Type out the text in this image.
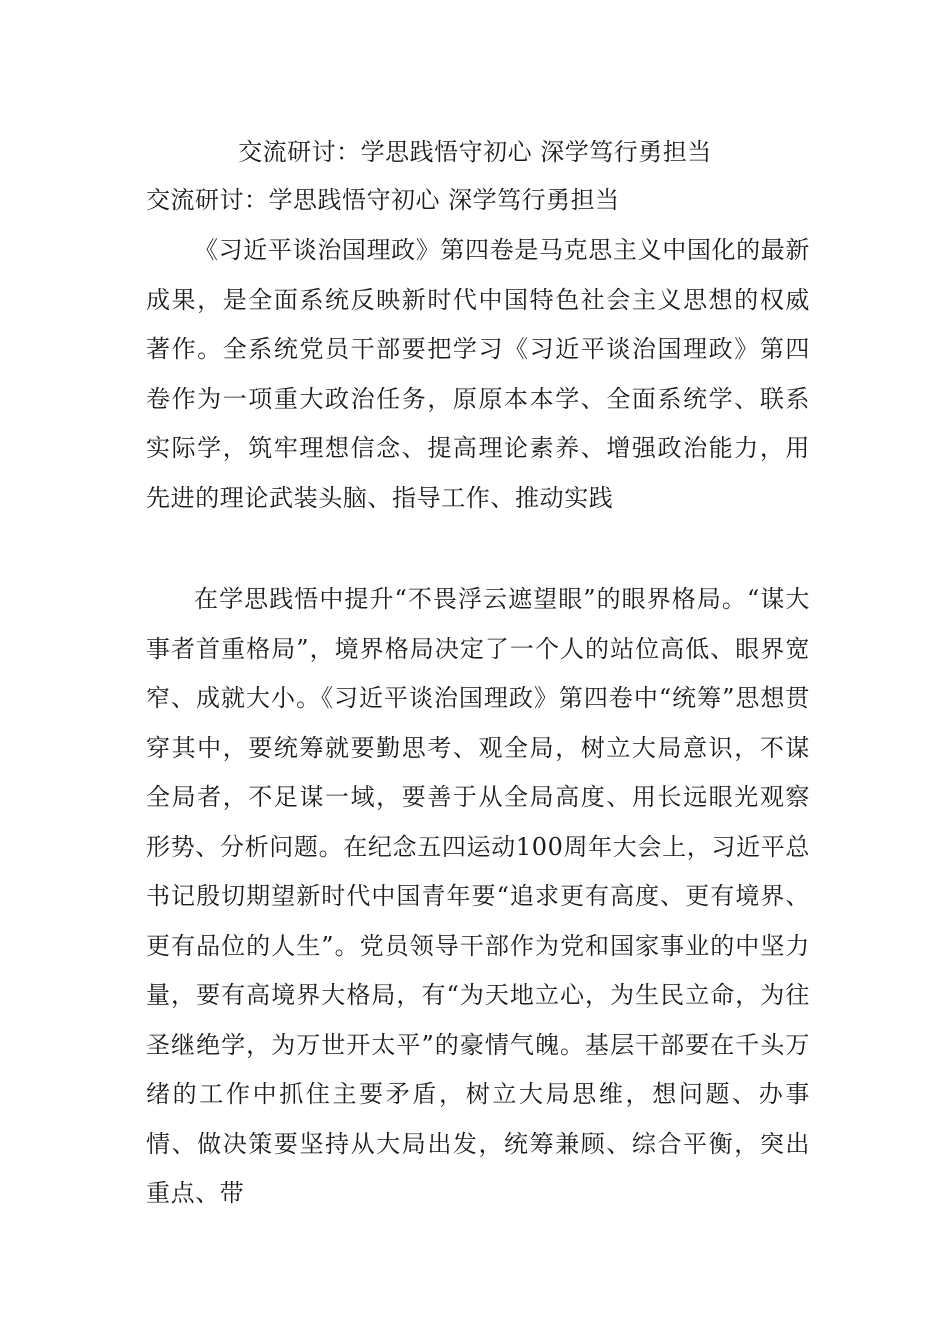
交流研讨：学思践悟守初心 深学笃行勇担当
交流研讨：学思践悟守初心 深学笃行勇担当

《习近平谈治国理政》第四卷是马克思主义中国化的最新成果，是全面系统反映新时代中国特色社会主义思想的权威著作。全系统党员干部要把学习《习近平谈治国理政》第四卷作为一项重大政治任务，原原本本学、全面系统学、联系实际学，筑牢理想信念、提高理论素养、增强政治能力，用先进的理论武装头脑、指导工作、推动实践

在学思践悟中提升“不畏浮云遮望眼”的眼界格局。“谋大事者首重格局”，境界格局决定了一个人的站位高低、眼界宽窄、成就大小。《习近平谈治国理政》第四卷中“统筹”思想贯穿其中，要统筹就要勤思考、观全局，树立大局意识，不谋全局者，不足谋一域，要善于从全局高度、用长远眼光观察形势、分析问题。在纪念五四运动100周年大会上，习近平总书记殷切期望新时代中国青年要“追求更有高度、更有境界、更有品位的人生”。党员领导干部作为党和国家事业的中坚力量，要有高境界大格局，有“为天地立心，为生民立命，为往圣继绝学，为万世开太平”的豪情气魄。基层干部要在千头万绪的工作中抓住主要矛盾，树立大局思维，想问题、办事情、做决策要坚持从大局出发，统筹兼顾、综合平衡，突出重点、带
